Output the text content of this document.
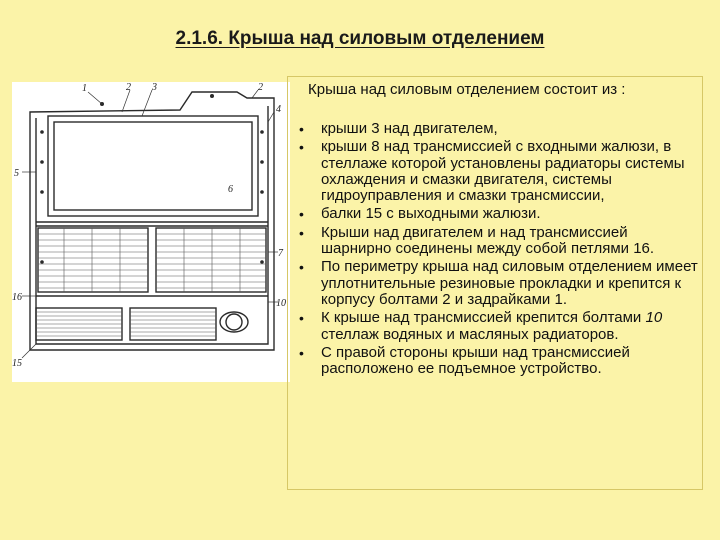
2.1.6. Крыша над силовым отделением
1	2 3	2
4
5
6
7
16
10
15
Крыша над силовым отделением состоит из :
• крыши 3 над двигателем,
• крыши 8 над трансмиссией с входными жалюзи, в стеллаже которой установлены радиаторы системы охлаждения и смазки двигателя, системы гидроуправления и смазки трансмиссии,
• балки 15 с выходными жалюзи.
• Крыши над двигателем и над трансмиссией шарнирно соединены между собой петлями 16.
• По периметру крыша над силовым отделением имеет уплотнительные резиновые прокладки и крепится к корпусу болтами 2 и задрайками 1.
• К крыше над трансмиссией крепится болтами 10 стеллаж водяных и масляных радиаторов.
• С правой стороны крыши над трансмиссией расположено ее подъемное устройство.
